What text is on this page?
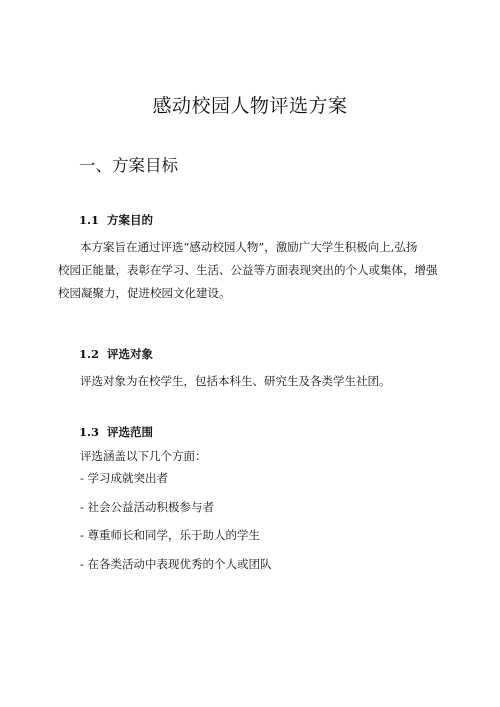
感动校园人物评选方案
一、方案目标
1.1 方案目的
本方案旨在通过评选“感动校园人物”，激励广大学生积极向上,弘扬
校园正能量，表彰在学习、生活、公益等方面表现突出的个人或集体，增强
校园凝聚力，促进校园文化建设。
1.2 评选对象
评选对象为在校学生，包括本科生、研究生及各类学生社团。
1.3 评选范围
评选涵盖以下几个方面：
- 学习成就突出者
- 社会公益活动积极参与者
- 尊重师长和同学，乐于助人的学生
- 在各类活动中表现优秀的个人或团队
